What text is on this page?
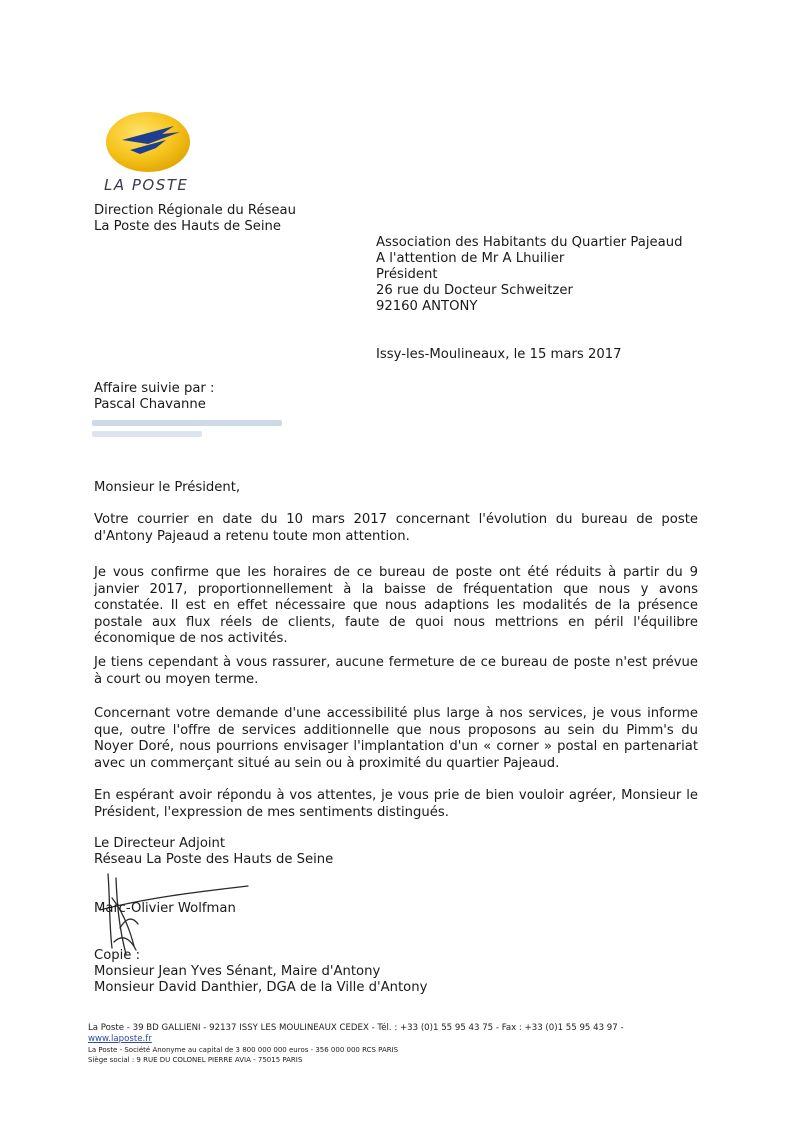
LA POSTE
Direction Régionale du Réseau
La Poste des Hauts de Seine
Association des Habitants du Quartier Pajeaud
A l'attention de Mr A Lhuilier
Président
26 rue du Docteur Schweitzer
92160 ANTONY
Issy-les-Moulineaux, le 15 mars 2017
Affaire suivie par :
Pascal Chavanne
Monsieur le Président,
Votre courrier en date du 10 mars 2017 concernant l'évolution du bureau de poste d'Antony Pajeaud a retenu toute mon attention.
Je vous confirme que les horaires de ce bureau de poste ont été réduits à partir du 9 janvier 2017, proportionnellement à la baisse de fréquentation que nous y avons constatée. Il est en effet nécessaire que nous adaptions les modalités de la présence postale aux flux réels de clients, faute de quoi nous mettrions en péril l'équilibre économique de nos activités.
Je tiens cependant à vous rassurer, aucune fermeture de ce bureau de poste n'est prévue à court ou moyen terme.
Concernant votre demande d'une accessibilité plus large à nos services, je vous informe que, outre l'offre de services additionnelle que nous proposons au sein du Pimm's du Noyer Doré, nous pourrions envisager l'implantation d'un « corner » postal en partenariat avec un commerçant situé au sein ou à proximité du quartier Pajeaud.
En espérant avoir répondu à vos attentes, je vous prie de bien vouloir agréer, Monsieur le Président, l'expression de mes sentiments distingués.
Le Directeur Adjoint
Réseau La Poste des Hauts de Seine
Marc-Olivier Wolfman
Copie :
Monsieur Jean Yves Sénant, Maire d'Antony
Monsieur David Danthier, DGA de la Ville d'Antony
La Poste - 39 BD GALLIENI - 92137 ISSY LES MOULINEAUX CEDEX - Tél. : +33 (0)1 55 95 43 75 - Fax : +33 (0)1 55 95 43 97 -
www.laposte.fr
La Poste - Société Anonyme au capital de 3 800 000 000 euros - 356 000 000 RCS PARIS
Siège social : 9 RUE DU COLONEL PIERRE AVIA - 75015 PARIS
